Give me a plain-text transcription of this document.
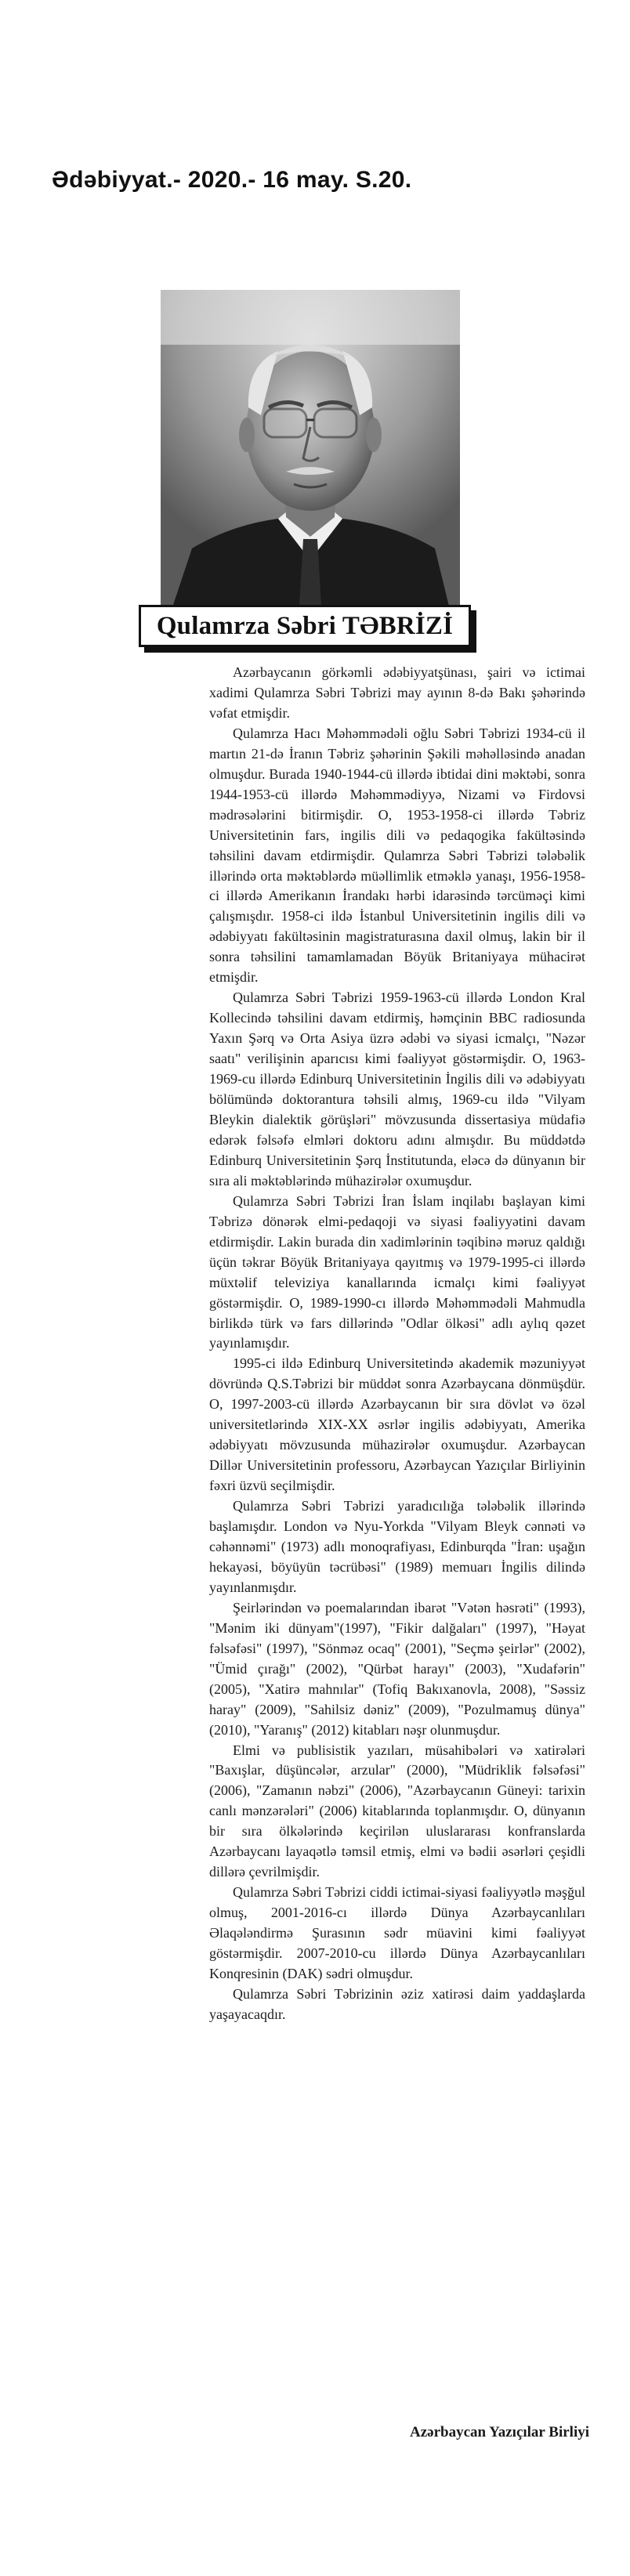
Ədəbiyyat.- 2020.- 16 may. S.20.
Qulamrza Səbri TƏBRİZİ

Azərbaycanın görkəmli ədəbiyyatşünası, şairi və ictimai xadimi Qulamrza Səbri Təbrizi may ayının 8-də Bakı şəhərində vəfat etmişdir.

Qulamrza Hacı Məhəmmədəli oğlu Səbri Təbrizi 1934-cü il martın 21-də İranın Təbriz şəhərinin Şəkili məhəlləsində anadan olmuşdur. Burada 1940-1944-cü illərdə ibtidai dini məktəbi, sonra 1944-1953-cü illərdə Məhəmmədiyyə, Nizami və Firdovsi mədrəsələrini bitirmişdir. O, 1953-1958-ci illərdə Təbriz Universitetinin fars, ingilis dili və pedaqogika fakültəsində təhsilini davam etdirmişdir. Qulamrza Səbri Təbrizi tələbəlik illərində orta məktəblərdə müəllimlik etməklə yanaşı, 1956-1958-ci illərdə Amerikanın İrandakı hərbi idarəsində tərcüməçi kimi çalışmışdır. 1958-ci ildə İstanbul Universitetinin ingilis dili və ədəbiyyatı fakültəsinin magistraturasına daxil olmuş, lakin bir il sonra təhsilini tamamlamadan Böyük Britaniyaya mühacirət etmişdir.

Qulamrza Səbri Təbrizi 1959-1963-cü illərdə London Kral Kollecində təhsilini davam etdirmiş, həmçinin BBC radiosunda Yaxın Şərq və Orta Asiya üzrə ədəbi və siyasi icmalçı, "Nəzər saatı" verilişinin aparıcısı kimi fəaliyyət göstərmişdir. O, 1963-1969-cu illərdə Edinburq Universitetinin İngilis dili və ədəbiyyatı bölümündə doktorantura təhsili almış, 1969-cu ildə "Vilyam Bleykin dialektik görüşləri" mövzusunda dissertasiya müdafiə edərək fəlsəfə elmləri doktoru adını almışdır. Bu müddətdə Edinburq Universitetinin Şərq İnstitutunda, eləcə də dünyanın bir sıra ali məktəblərində mühazirələr oxumuşdur.

Qulamrza Səbri Təbrizi İran İslam inqilabı başlayan kimi Təbrizə dönərək elmi-pedaqoji və siyasi fəaliyyətini davam etdirmişdir. Lakin burada din xadimlərinin təqibinə məruz qaldığı üçün təkrar Böyük Britaniyaya qayıtmış və 1979-1995-ci illərdə müxtəlif televiziya kanallarında icmalçı kimi fəaliyyət göstərmişdir. O, 1989-1990-cı illərdə Məhəmmədəli Mahmudla birlikdə türk və fars dillərində "Odlar ölkəsi" adlı aylıq qəzet yayınlamışdır.

1995-ci ildə Edinburq Universitetində akademik məzuniyyət dövründə Q.S.Təbrizi bir müddət sonra Azərbaycana dönmüşdür. O, 1997-2003-cü illərdə Azərbaycanın bir sıra dövlət və özəl universitetlərində XIX-XX əsrlər ingilis ədəbiyyatı, Amerika ədəbiyyatı mövzusunda mühazirələr oxumuşdur. Azərbaycan Dillər Universitetinin professoru, Azərbaycan Yazıçılar Birliyinin fəxri üzvü seçilmişdir.

Qulamrza Səbri Təbrizi yaradıcılığa tələbəlik illərində başlamışdır. London və Nyu-Yorkda "Vilyam Bleyk cənnəti və cəhənnəmi" (1973) adlı monoqrafiyası, Edinburqda "İran: uşağın hekayəsi, böyüyün təcrübəsi" (1989) memuarı İngilis dilində yayınlanmışdır.

Şeirlərindən və poemalarından ibarət "Vətən həsrəti" (1993), "Mənim iki dünyam"(1997), "Fikir dalğaları" (1997), "Həyat fəlsəfəsi" (1997), "Sönməz ocaq" (2001), "Seçmə şeirlər" (2002), "Ümid çırağı" (2002), "Qürbət harayı" (2003), "Xudafərin" (2005), "Xatirə mahnılar" (Tofiq Bakıxanovla, 2008), "Səssiz haray" (2009), "Sahilsiz dəniz" (2009), "Pozulmamuş dünya" (2010), "Yaranış" (2012) kitabları nəşr olunmuşdur.

Elmi və publisistik yazıları, müsahibələri və xatirələri "Baxışlar, düşüncələr, arzular" (2000), "Müdriklik fəlsəfəsi" (2006), "Zamanın nəbzi" (2006), "Azərbaycanın Güneyi: tarixin canlı mənzərələri" (2006) kitablarında toplanmışdır. O, dünyanın bir sıra ölkələrində keçirilən uluslararası konfranslarda Azərbaycanı layaqətlə təmsil etmiş, elmi və bədii əsərləri çeşidli dillərə çevrilmişdir.

Qulamrza Səbri Təbrizi ciddi ictimai-siyasi fəaliyyətlə məşğul olmuş, 2001-2016-cı illərdə Dünya Azərbaycanlıları Əlaqələndirmə Şurasının sədr müavini kimi fəaliyyət göstərmişdir. 2007-2010-cu illərdə Dünya Azərbaycanlıları Konqresinin (DAK) sədri olmuşdur.

Qulamrza Səbri Təbrizinin əziz xatirəsi daim yaddaşlarda yaşayacaqdır.

Azərbaycan Yazıçılar Birliyi
